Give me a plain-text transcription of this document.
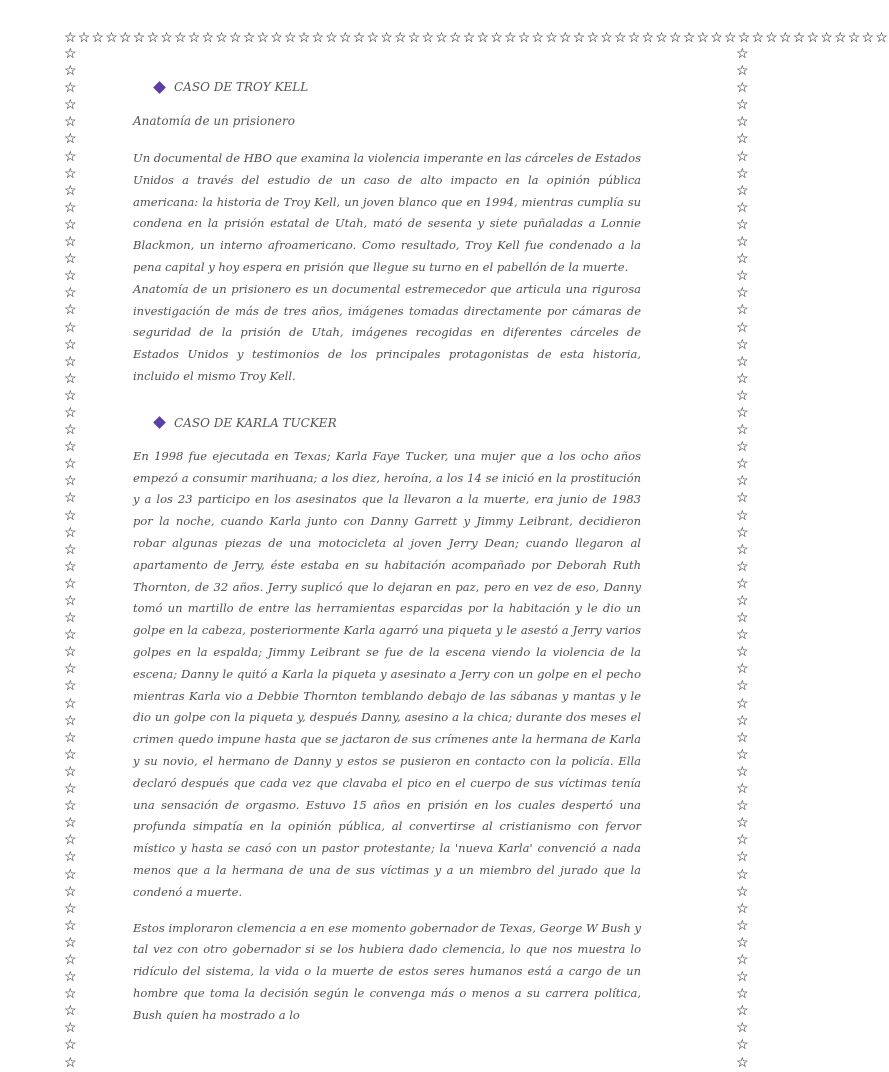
☆☆☆☆☆☆☆☆☆☆☆☆☆☆☆☆☆☆☆☆☆☆☆☆☆☆☆☆☆☆☆☆☆☆☆☆☆☆☆☆☆☆☆☆☆☆☆☆☆☆☆☆☆☆☆☆☆☆☆☆
☆
☆
☆
☆
☆
☆
☆
☆
☆
☆
☆
☆
☆
☆
☆
☆
☆
☆
☆
☆
☆
☆
☆
☆
☆
☆
☆
☆
☆
☆
☆
☆
☆
☆
☆
☆
☆
☆
☆
☆
☆
☆
☆
☆
☆
☆
☆
☆
☆
☆
☆
☆
☆
☆
☆
☆
☆
☆
☆
☆
☆
☆
☆
☆
☆
☆
☆
☆
☆
☆
☆
☆
☆
☆
☆
☆
☆
☆
☆
☆
☆
☆
☆
☆
☆
☆
☆
☆
☆
☆
☆
☆
☆
☆
☆
☆
☆
☆
☆
☆
☆
☆
☆
☆
☆
☆
☆
☆
☆
☆
☆
☆
☆
☆
☆
☆
☆
☆
☆
☆
CASO DE TROY KELL
Anatomía de un prisionero

Un documental de HBO que examina la violencia imperante en las cárceles de Estados Unidos a través del estudio de un caso de alto impacto en la opinión pública americana: la historia de Troy Kell, un joven blanco que en 1994, mientras cumplía su condena en la prisión estatal de Utah, mató de sesenta y siete puñaladas a Lonnie Blackmon, un interno afroamericano. Como resultado, Troy Kell fue condenado a la pena capital y hoy espera en prisión que llegue su turno en el pabellón de la muerte.

Anatomía de un prisionero es un documental estremecedor que articula una rigurosa investigación de más de tres años, imágenes tomadas directamente por cámaras de seguridad de la prisión de Utah, imágenes recogidas en diferentes cárceles de Estados Unidos y testimonios de los principales protagonistas de esta historia, incluido el mismo Troy Kell.

CASO DE KARLA TUCKER

En 1998 fue ejecutada en Texas; Karla Faye Tucker, una mujer que a los ocho años empezó a consumir marihuana; a los diez, heroína, a los 14 se inició en la prostitución y a los 23 participo en los asesinatos que la llevaron a la muerte, era junio de 1983 por la noche, cuando Karla junto con Danny Garrett y Jimmy Leibrant, decidieron robar algunas piezas de una motocicleta al joven Jerry Dean; cuando llegaron al apartamento de Jerry, éste estaba en su habitación acompañado por Deborah Ruth Thornton, de 32 años. Jerry suplicó que lo dejaran en paz, pero en vez de eso, Danny tomó un martillo de entre las herramientas esparcidas por la habitación y le dio un golpe en la cabeza, posteriormente Karla agarró una piqueta y le asestó a Jerry varios golpes en la espalda; Jimmy Leibrant se fue de la escena viendo la violencia de la escena; Danny le quitó a Karla la piqueta y asesinato a Jerry con un golpe en el pecho mientras Karla vio a Debbie Thornton temblando debajo de las sábanas y mantas y le dio un golpe con la piqueta y, después Danny, asesino a la chica; durante dos meses el crimen quedo impune hasta que se jactaron de sus crímenes ante la hermana de Karla y su novio, el hermano de Danny y estos se pusieron en contacto con la policía. Ella declaró después que cada vez que clavaba el pico en el cuerpo de sus víctimas tenía una sensación de orgasmo. Estuvo 15 años en prisión en los cuales despertó una profunda simpatía en la opinión pública, al convertirse al cristianismo con fervor místico y hasta se casó con un pastor protestante; la 'nueva Karla' convenció a nada menos que a la hermana de una de sus víctimas y a un miembro del jurado que la condenó a muerte.

Estos imploraron clemencia a en ese momento gobernador de Texas, George W Bush y tal vez con otro gobernador si se los hubiera dado clemencia, lo que nos muestra lo ridículo del sistema, la vida o la muerte de estos seres humanos está a cargo de un hombre que toma la decisión según le convenga más o menos a su carrera política, Bush quien ha mostrado a lo
